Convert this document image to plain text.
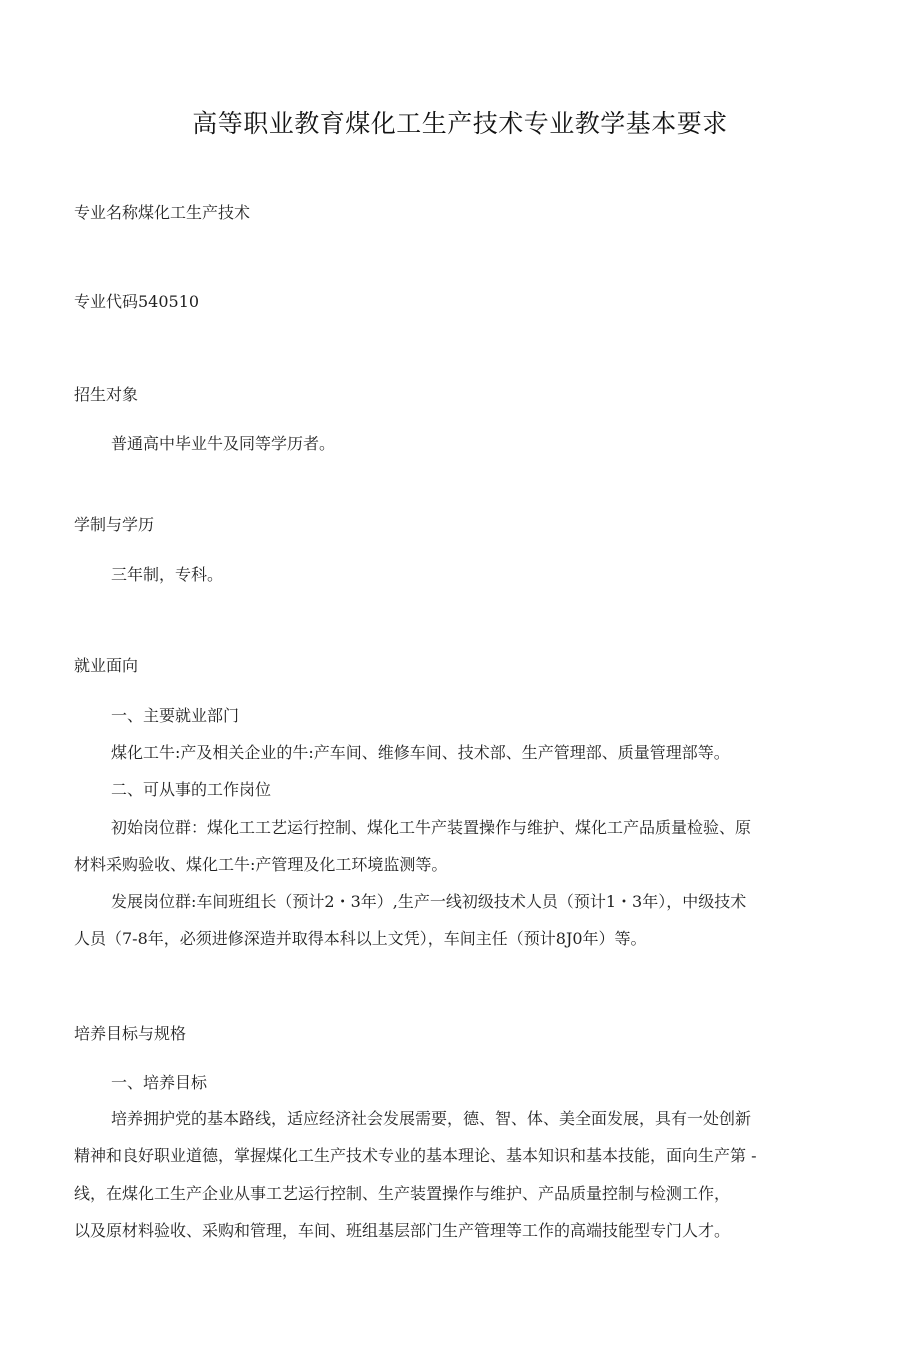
高等职业教育煤化工生产技术专业教学基本要求
专业名称煤化工生产技术
专业代码540510
招生对象
普通高中毕业牛及同等学历者。
学制与学历
三年制，专科。
就业面向
一、主要就业部门
煤化工牛:产及相关企业的牛:产车间、维修车间、技术部、生产管理部、质量管理部等。
二、可从事的工作岗位
初始岗位群：煤化工工艺运行控制、煤化工牛产装置操作与维护、煤化工产品质量检验、原
材料采购验收、煤化工牛:产管理及化工环境监测等。
发展岗位群:车间班组长（预计2・3年）,生产一线初级技术人员（预计1・3年），中级技术
人员（7-8年，必须进修深造并取得本科以上文凭），车间主任（预计8J0年）等。
培养目标与规格
一、培养目标
培养拥护党的基本路线，适应经济社会发展需要，德、智、体、美全面发展，具有一处创新
精神和良好职业道德，掌握煤化工生产技术专业的基本理论、基本知识和基本技能，面向生产第 -
线，在煤化工生产企业从事工艺运行控制、生产装置操作与维护、产品质量控制与检测工作，
以及原材料验收、采购和管理，车间、班组基层部门生产管理等工作的高端技能型专门人才。
